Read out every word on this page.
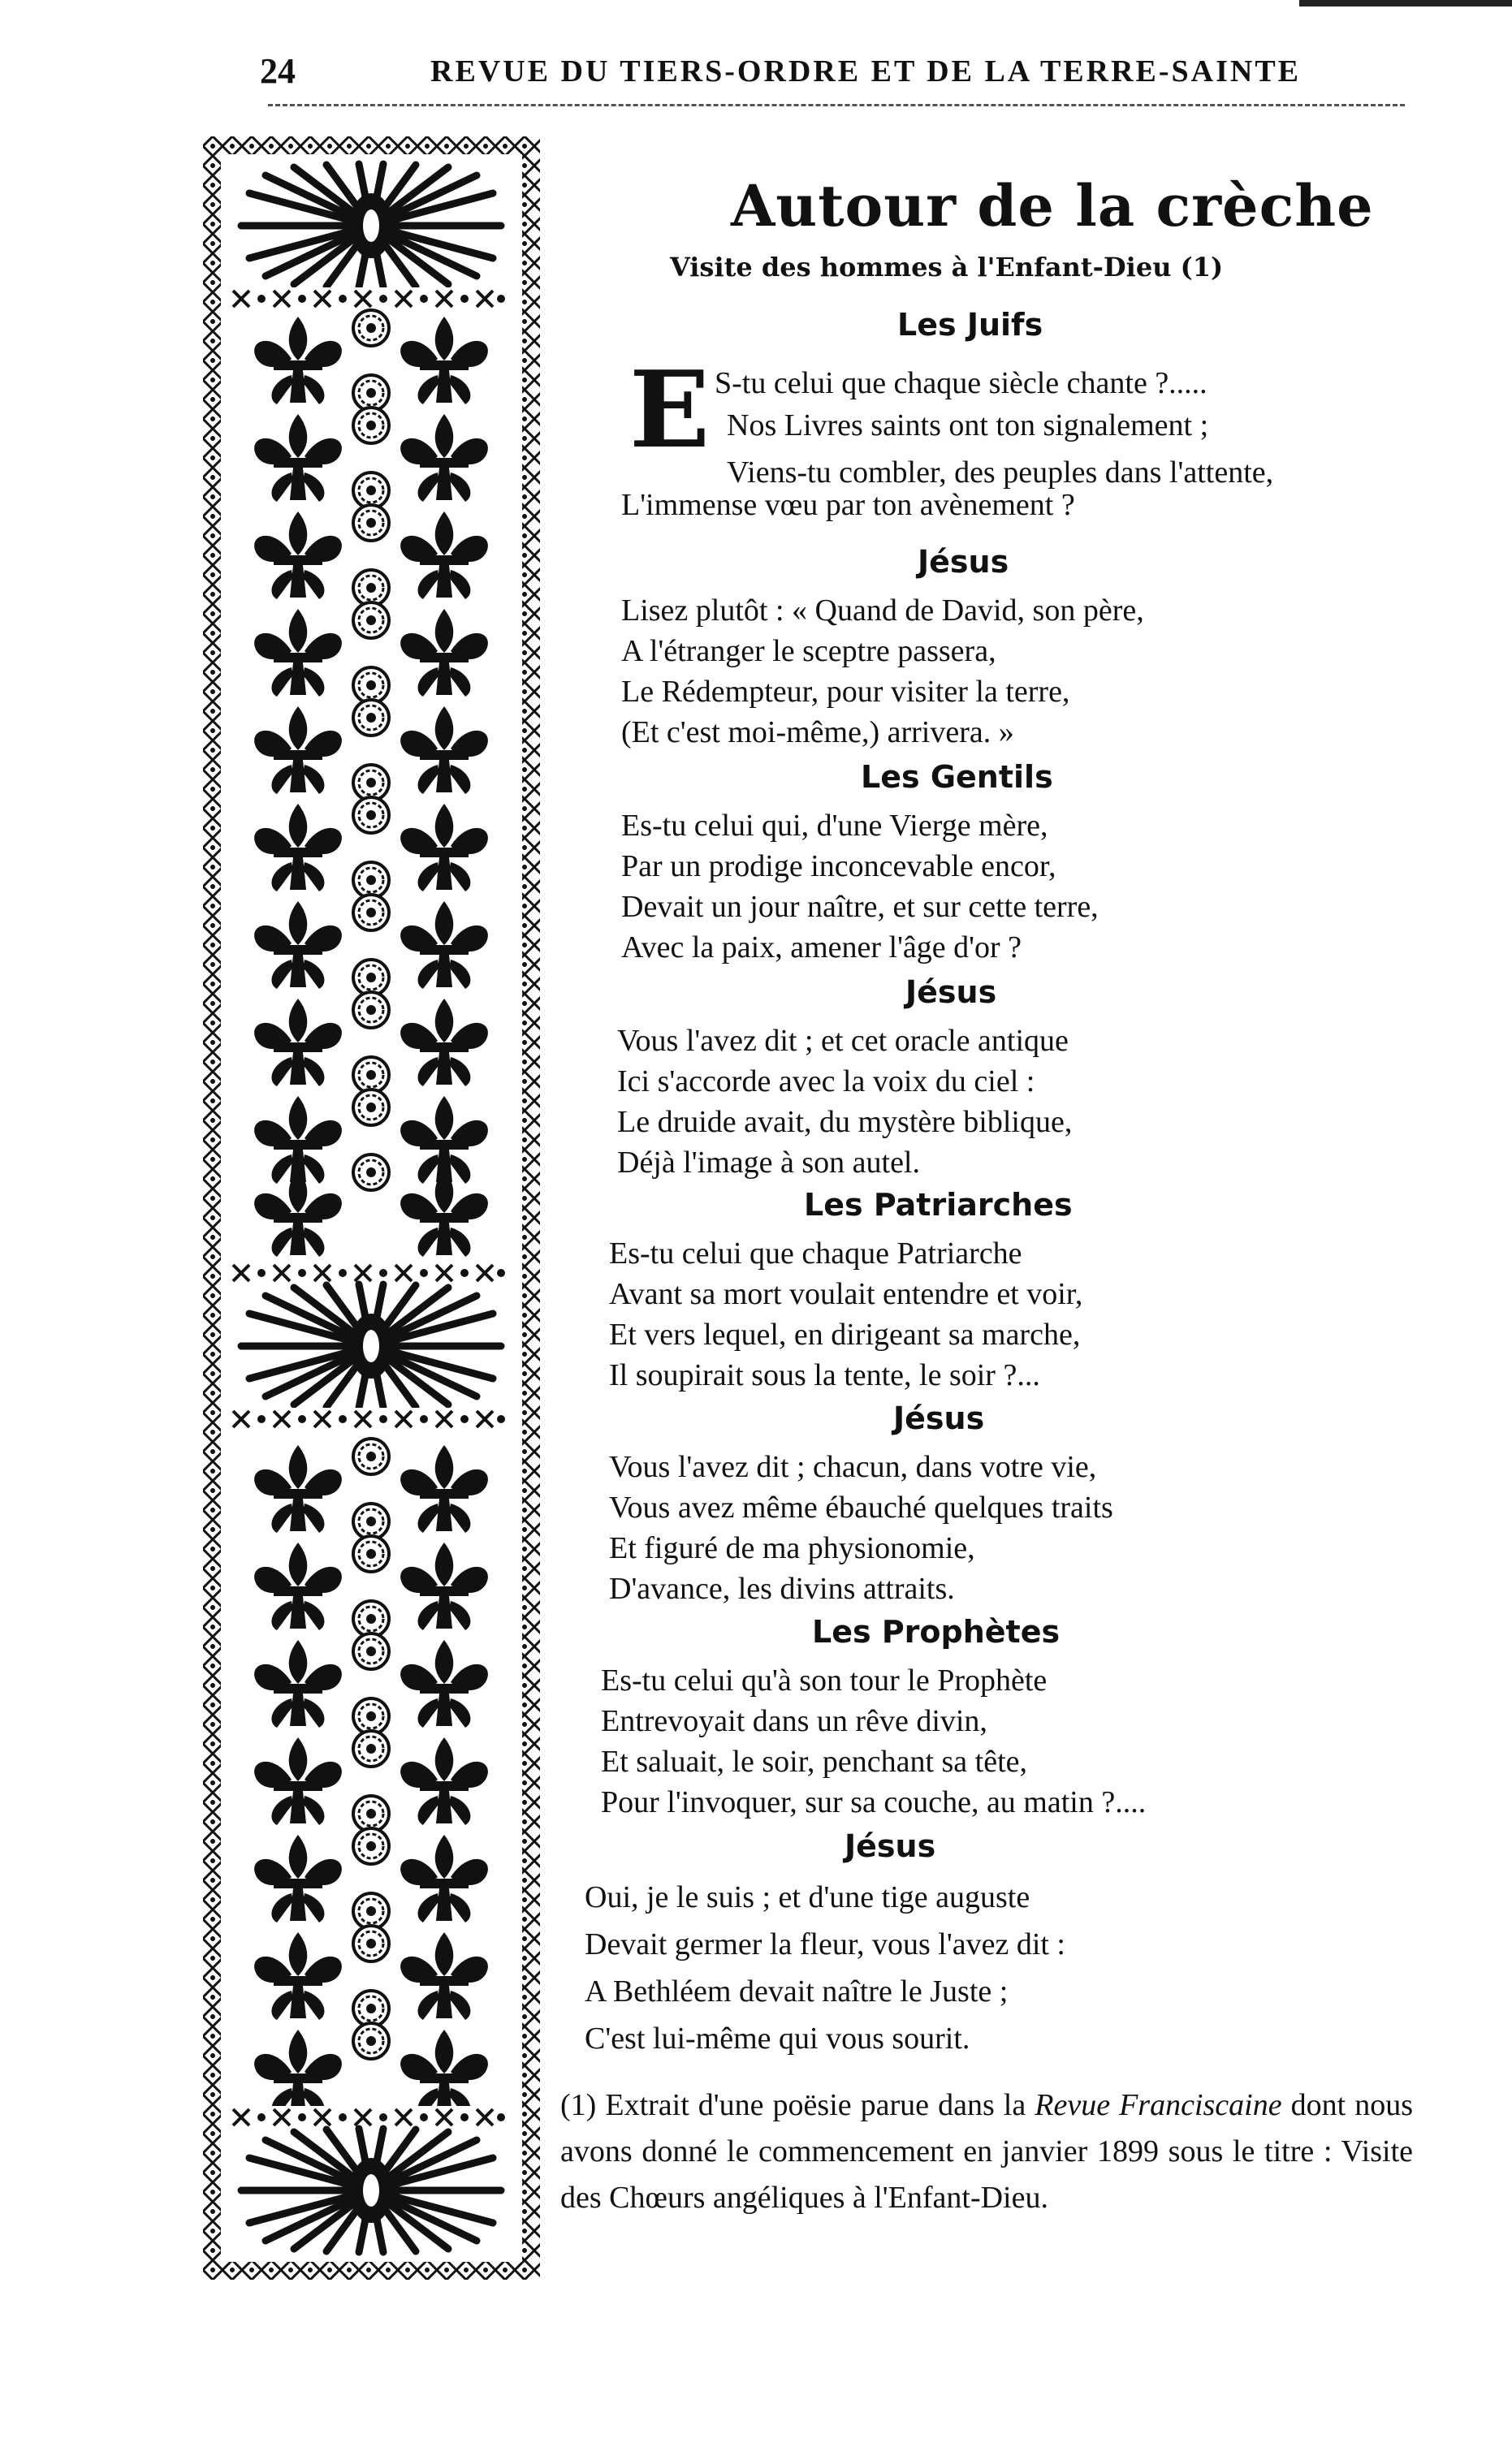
24	REVUE DU TIERS-ORDRE ET DE LA TERRE-SAINTE
Autour de la crèche
Visite des hommes à l'Enfant-Dieu (1)
Les Juifs
E S-tu celui que chaque siècle chante ?.....
Nos Livres saints ont ton signalement ;
Viens-tu combler, des peuples dans l'attente,
L'immense vœu par ton avènement ?
Jésus
Lisez plutôt : « Quand de David, son père,
A l'étranger le sceptre passera,
Le Rédempteur, pour visiter la terre,
(Et c'est moi-même,) arrivera. »
Les Gentils
Es-tu celui qui, d'une Vierge mère,
Par un prodige inconcevable encor,
Devait un jour naître, et sur cette terre,
Avec la paix, amener l'âge d'or ?
Jésus
Vous l'avez dit ; et cet oracle antique
Ici s'accorde avec la voix du ciel :
Le druide avait, du mystère biblique,
Déjà l'image à son autel.
Les Patriarches
Es-tu celui que chaque Patriarche
Avant sa mort voulait entendre et voir,
Et vers lequel, en dirigeant sa marche,
Il soupirait sous la tente, le soir ?...
Jésus
Vous l'avez dit ; chacun, dans votre vie,
Vous avez même ébauché quelques traits
Et figuré de ma physionomie,
D'avance, les divins attraits.
Les Prophètes
Es-tu celui qu'à son tour le Prophète
Entrevoyait dans un rêve divin,
Et saluait, le soir, penchant sa tête,
Pour l'invoquer, sur sa couche, au matin ?....
Jésus
Oui, je le suis ; et d'une tige auguste
Devait germer la fleur, vous l'avez dit :
A Bethléem devait naître le Juste ;
C'est lui-même qui vous sourit.
(1) Extrait d'une poësie parue dans la Revue Franciscaine dont nous avons donné le commencement en janvier 1899 sous le titre : Visite des Chœurs angéliques à l'Enfant-Dieu.
